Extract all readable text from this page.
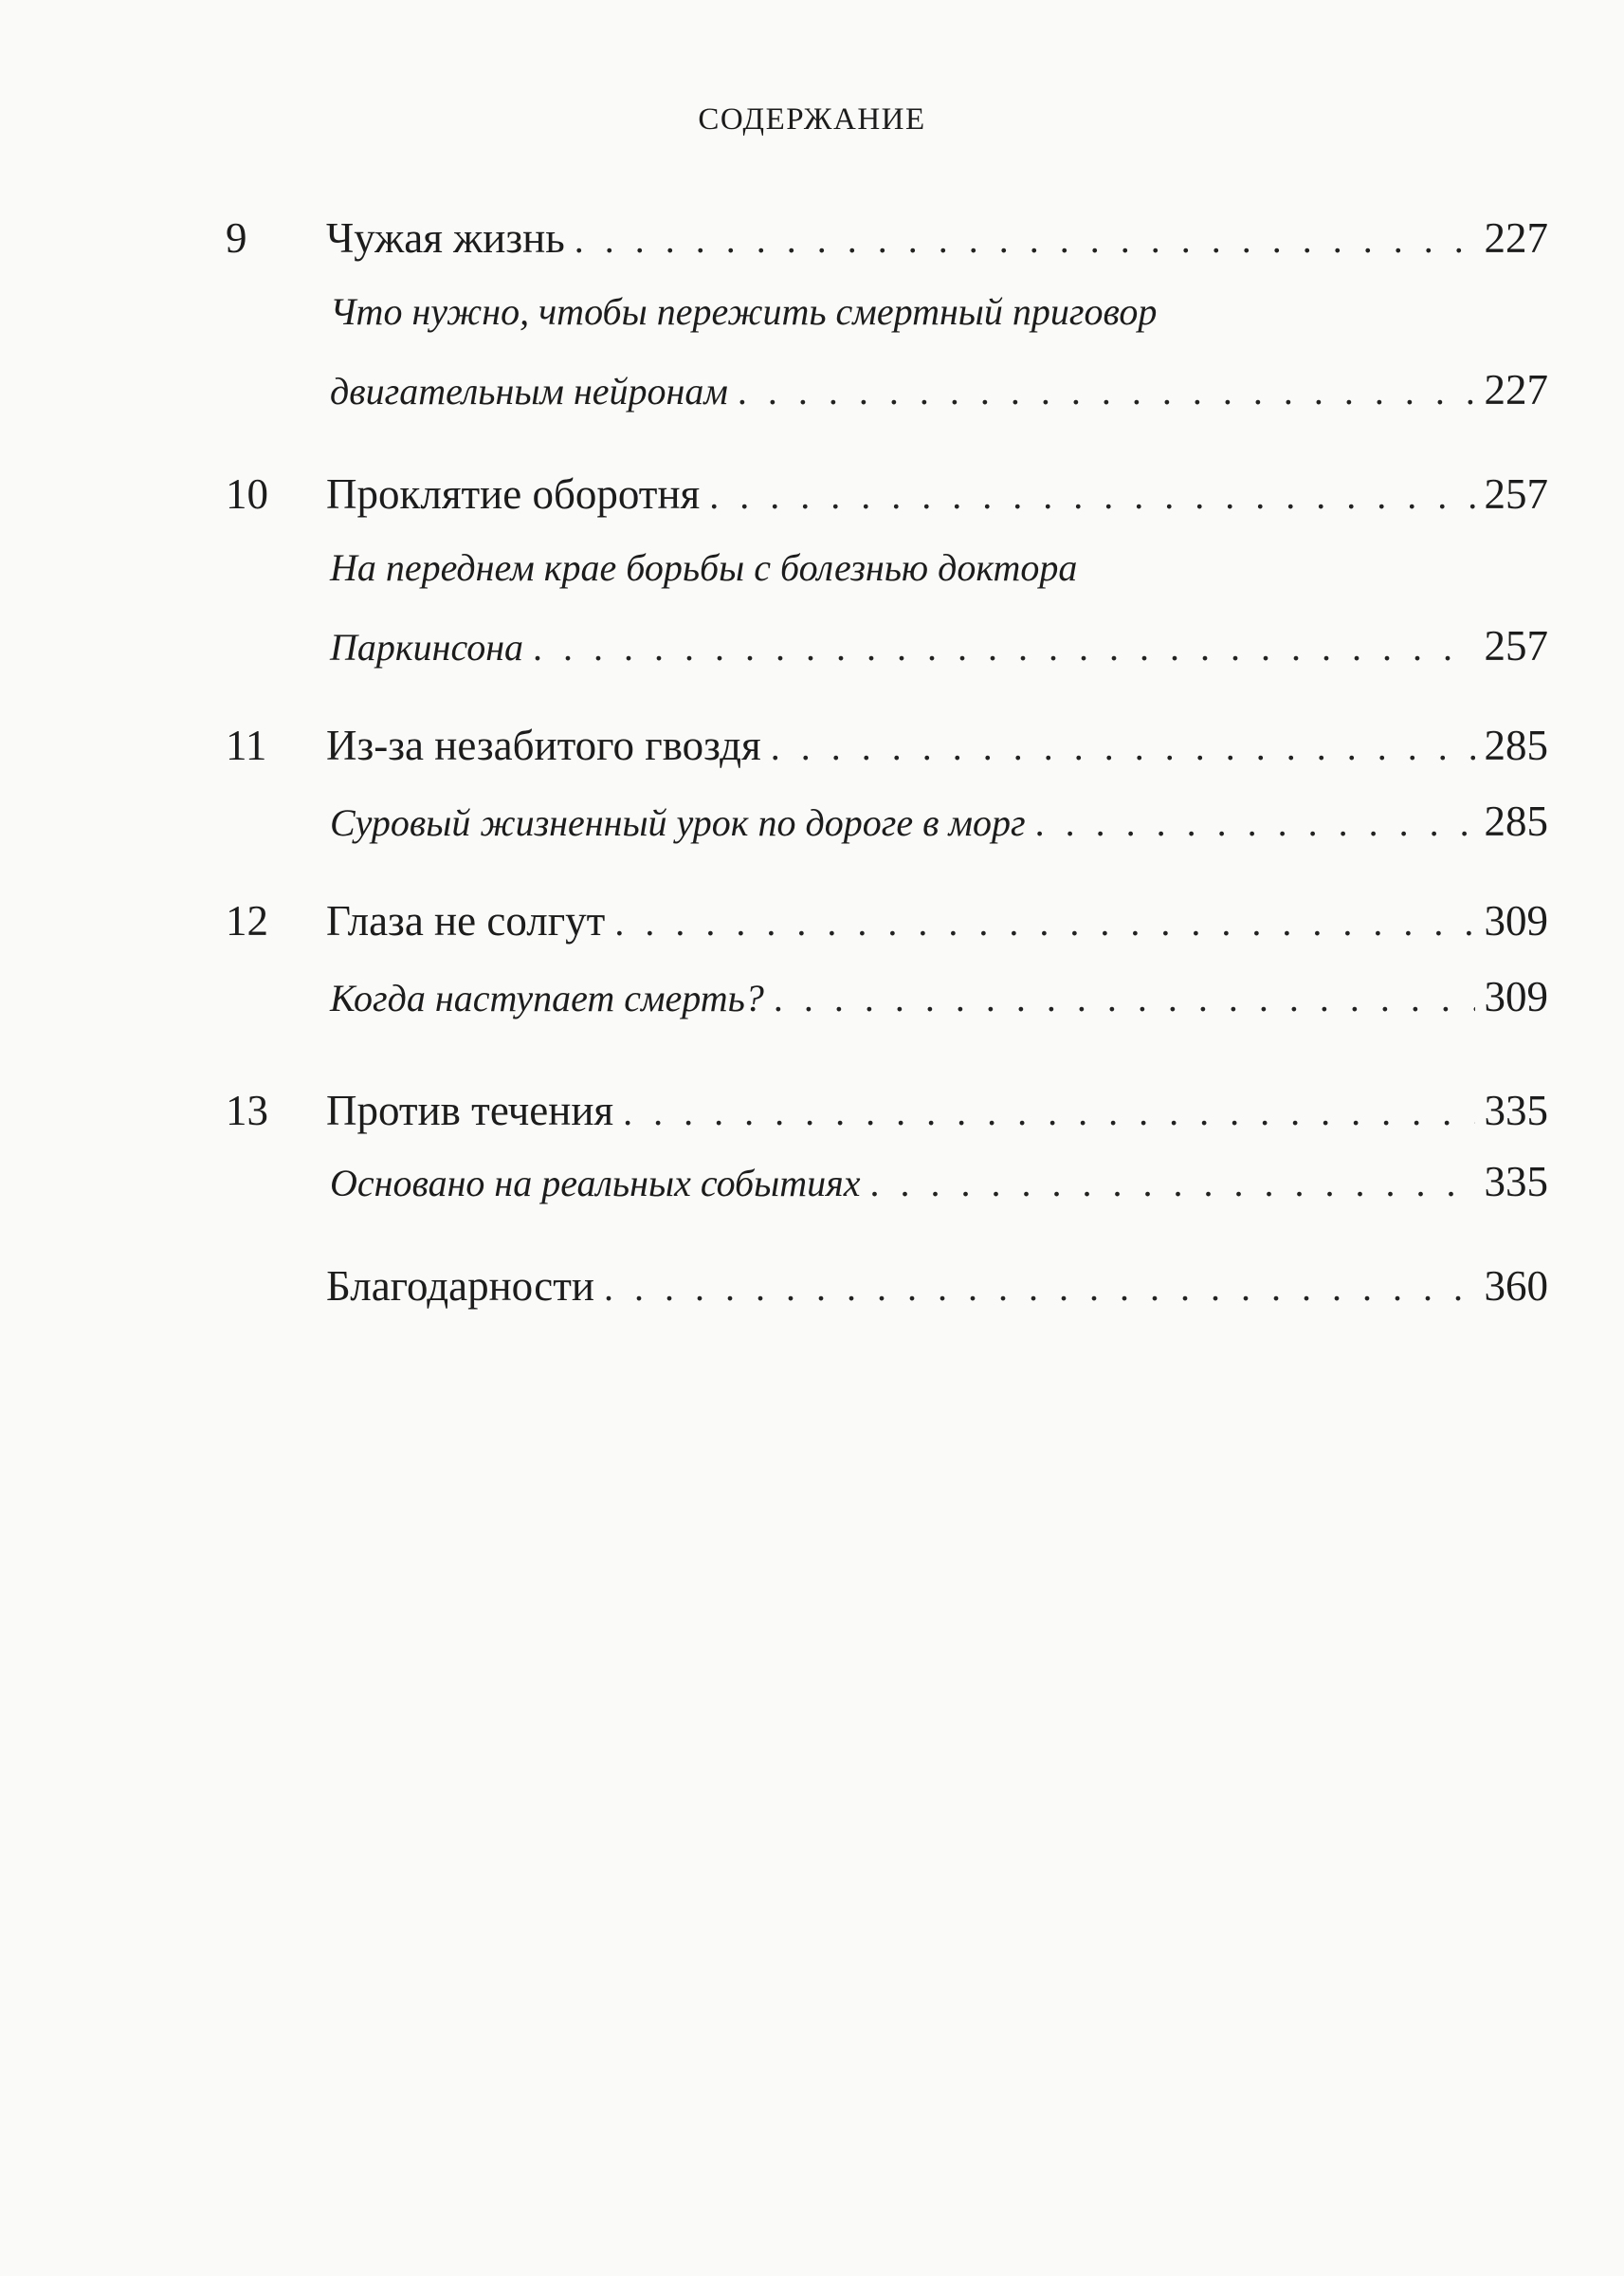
СОДЕРЖАНИЕ
9	Чужая жизнь . . .	227
Что нужно, чтобы пережить смертный приговор
двигательным нейронам . . .	227
10	Проклятие оборотня . . .	257
На переднем крае борьбы с болезнью доктора
Паркинсона . . .	257
11	Из-за незабитого гвоздя . . .	285
Суровый жизненный урок по дороге в морг . . .	285
12	Глаза не солгут . . .	309
Когда наступает смерть? . . .	309
13	Против течения . . .	335
Основано на реальных событиях . . .	335
Благодарности . . .	360
